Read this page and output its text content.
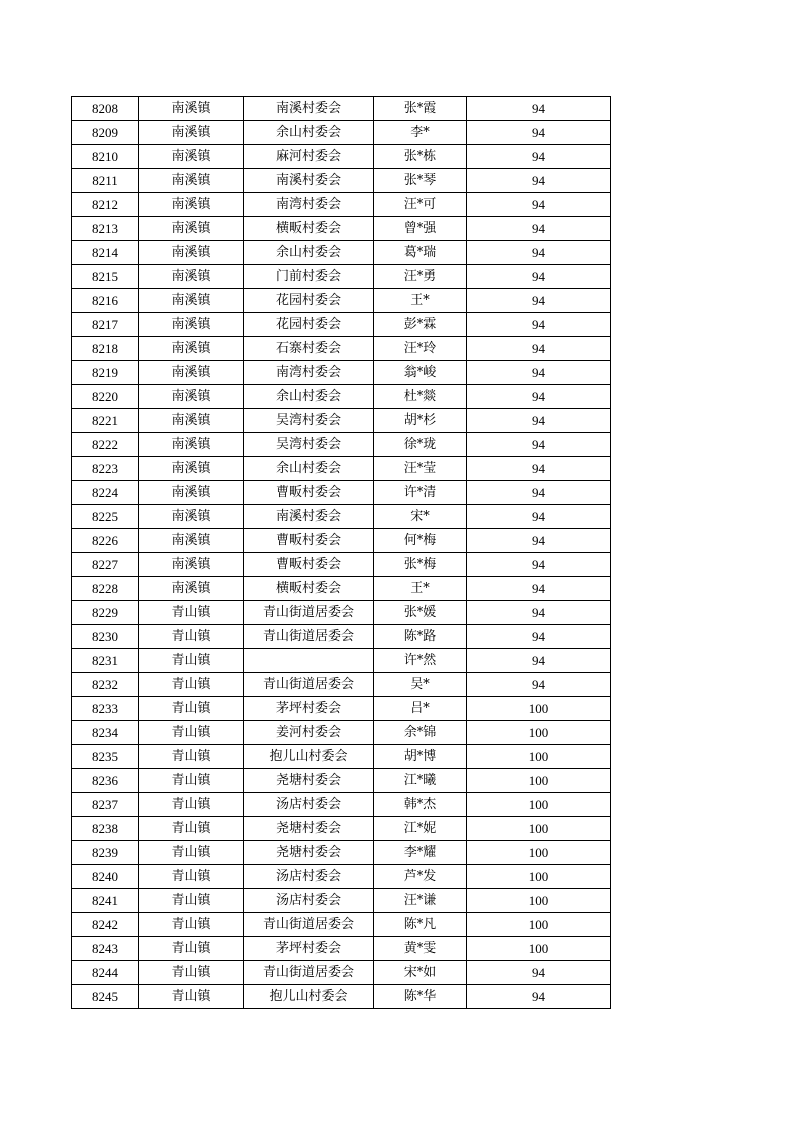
8208	南溪镇	南溪村委会	张*霞	94
8209	南溪镇	余山村委会	李*	94
8210	南溪镇	麻河村委会	张*栋	94
8211	南溪镇	南溪村委会	张*琴	94
8212	南溪镇	南湾村委会	汪*可	94
8213	南溪镇	横畈村委会	曾*强	94
8214	南溪镇	余山村委会	葛*瑞	94
8215	南溪镇	门前村委会	汪*勇	94
8216	南溪镇	花园村委会	王*	94
8217	南溪镇	花园村委会	彭*霖	94
8218	南溪镇	石寨村委会	汪*玲	94
8219	南溪镇	南湾村委会	翁*峻	94
8220	南溪镇	余山村委会	杜*燚	94
8221	南溪镇	吴湾村委会	胡*杉	94
8222	南溪镇	吴湾村委会	徐*珑	94
8223	南溪镇	余山村委会	汪*莹	94
8224	南溪镇	曹畈村委会	许*清	94
8225	南溪镇	南溪村委会	宋*	94
8226	南溪镇	曹畈村委会	何*梅	94
8227	南溪镇	曹畈村委会	张*梅	94
8228	南溪镇	横畈村委会	王*	94
8229	青山镇	青山街道居委会	张*媛	94
8230	青山镇	青山街道居委会	陈*路	94
8231	青山镇		许*然	94
8232	青山镇	青山街道居委会	吴*	94
8233	青山镇	茅坪村委会	吕*	100
8234	青山镇	姜河村委会	余*锦	100
8235	青山镇	抱儿山村委会	胡*博	100
8236	青山镇	尧塘村委会	江*曦	100
8237	青山镇	汤店村委会	韩*杰	100
8238	青山镇	尧塘村委会	江*妮	100
8239	青山镇	尧塘村委会	李*耀	100
8240	青山镇	汤店村委会	芦*发	100
8241	青山镇	汤店村委会	汪*谦	100
8242	青山镇	青山街道居委会	陈*凡	100
8243	青山镇	茅坪村委会	黄*雯	100
8244	青山镇	青山街道居委会	宋*如	94
8245	青山镇	抱儿山村委会	陈*华	94
